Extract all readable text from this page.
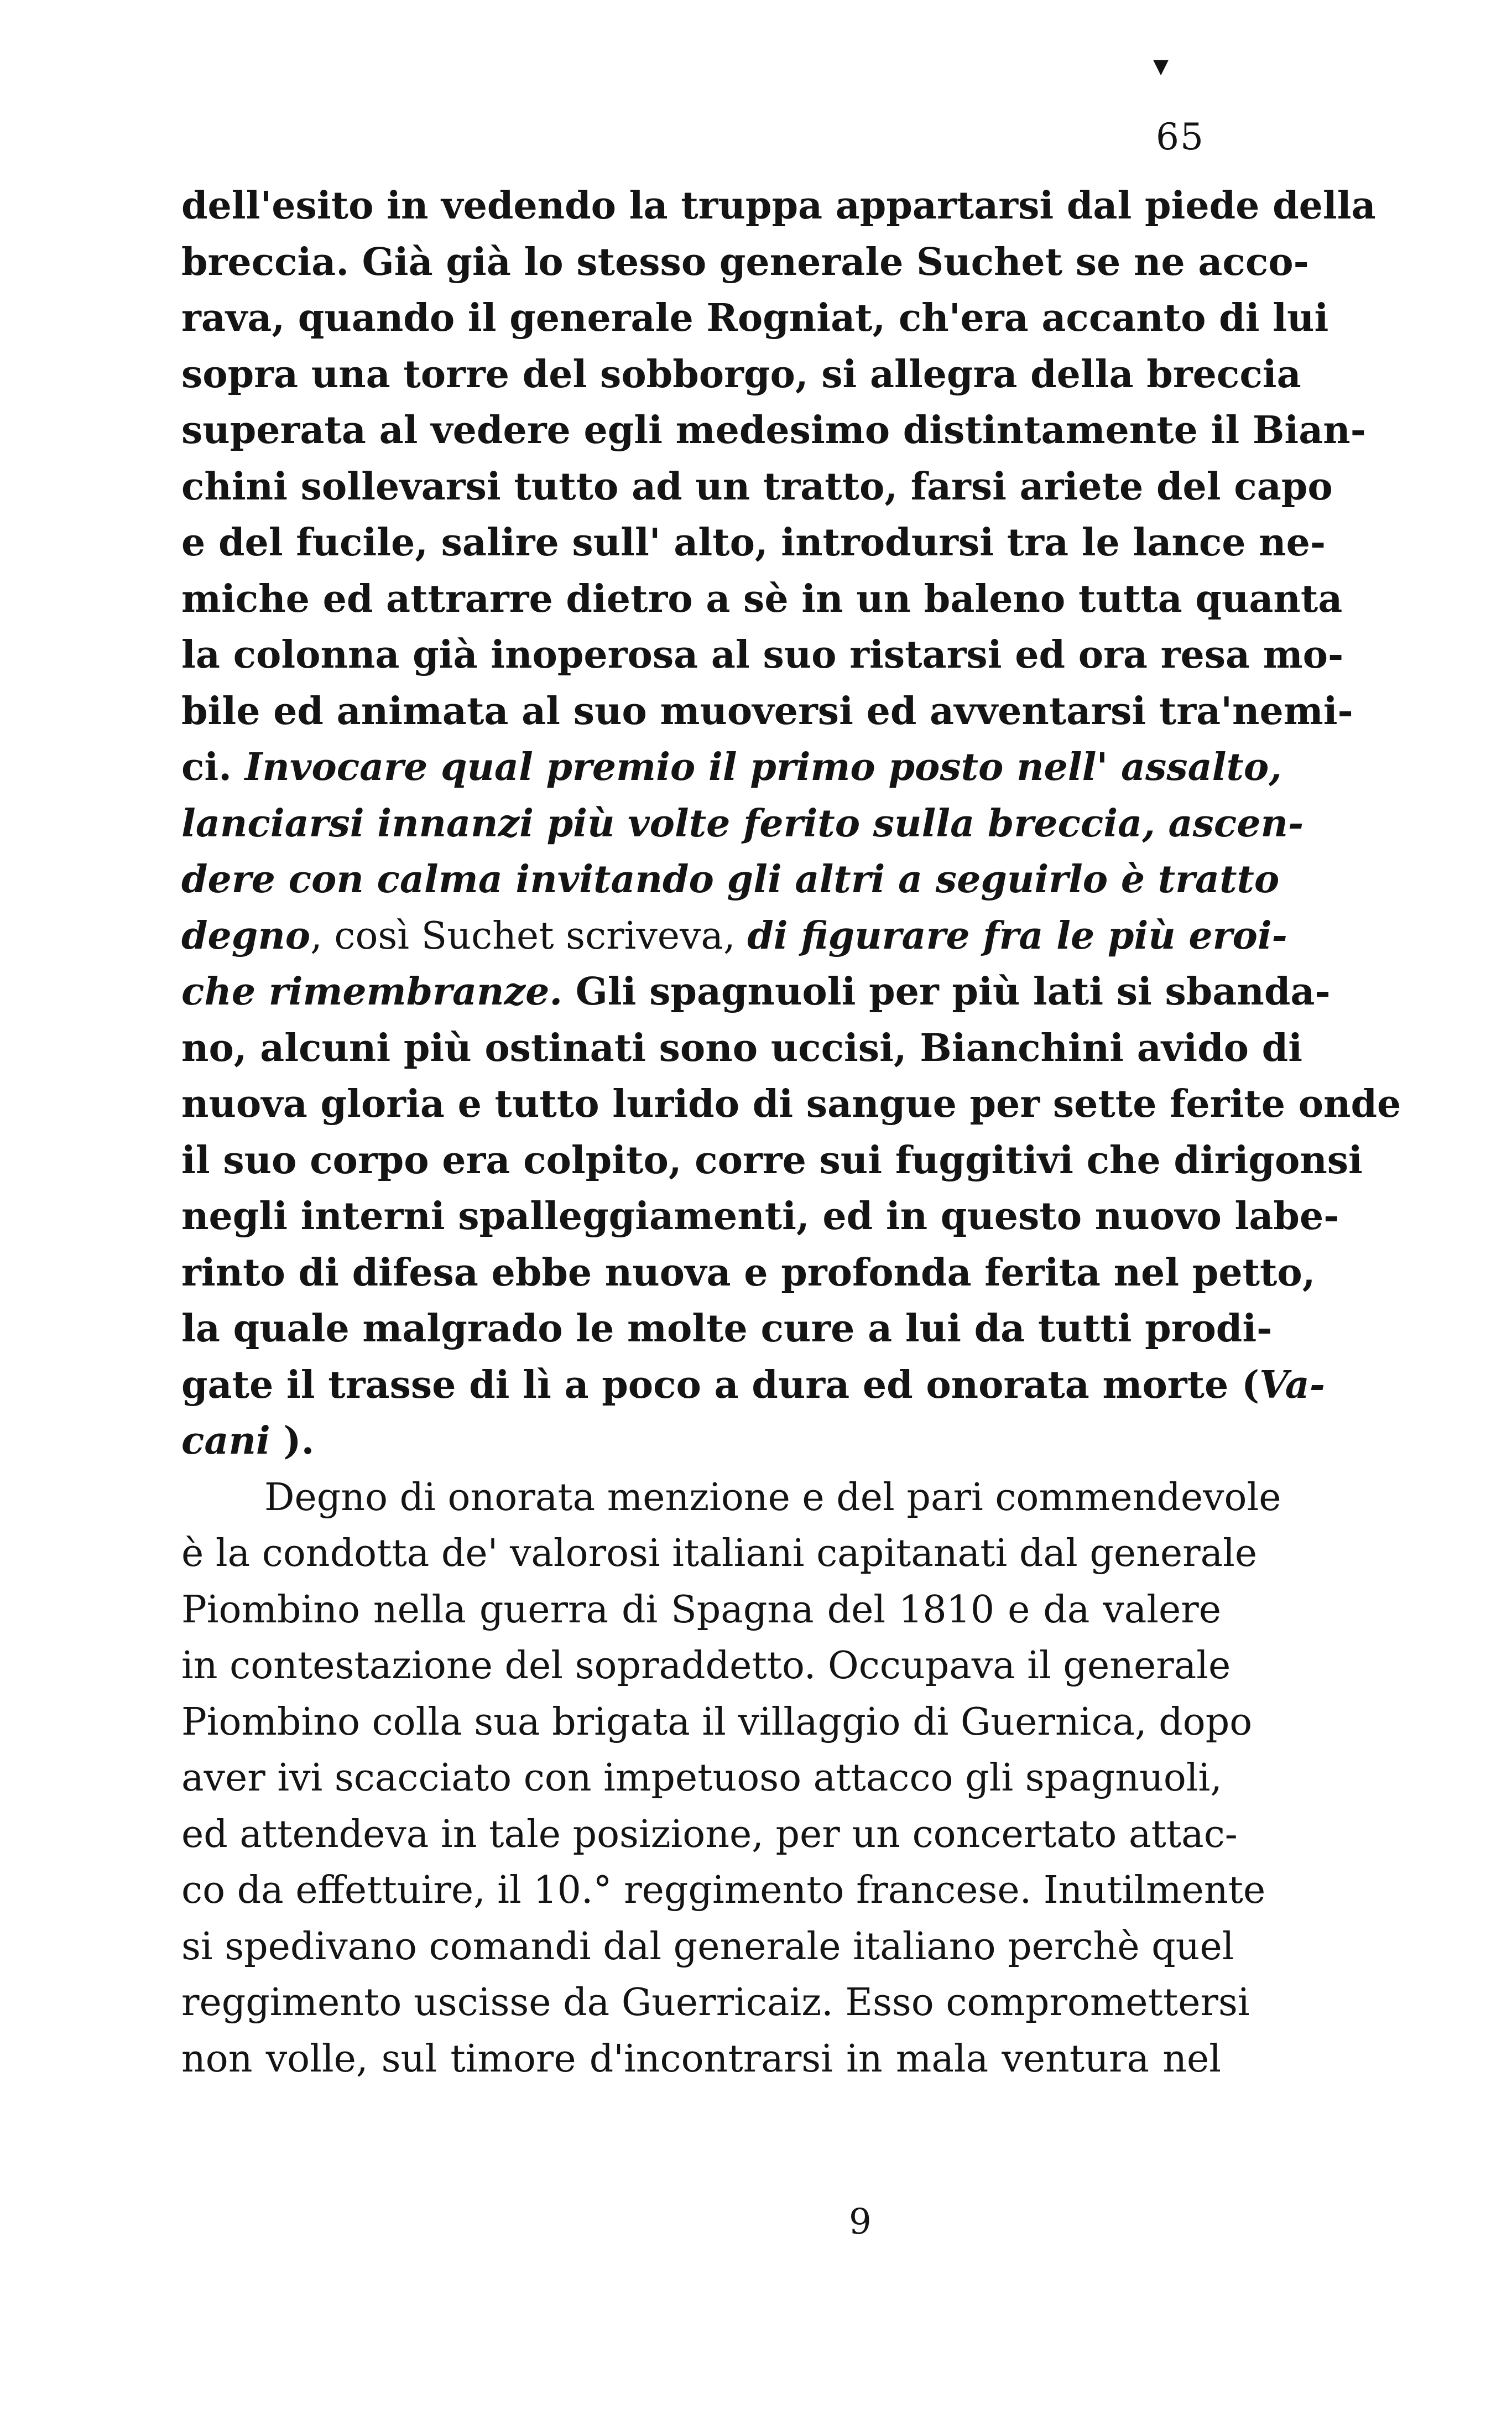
▾
65
dell'esito in vedendo la truppa appartarsi dal piede della
breccia. Già già lo stesso generale Suchet se ne acco-
rava, quando il generale Rogniat, ch'era accanto di lui
sopra una torre del sobborgo, si allegra della breccia
superata al vedere egli medesimo distintamente il Bian-
chini sollevarsi tutto ad un tratto, farsi ariete del capo
e del fucile, salire sull' alto, introdursi tra le lance ne-
miche ed attrarre dietro a sè in un baleno tutta quanta
la colonna già inoperosa al suo ristarsi ed ora resa mo-
bile ed animata al suo muoversi ed avventarsi tra'nemi-
ci. Invocare qual premio il primo posto nell' assalto,
lanciarsi innanzi più volte ferito sulla breccia, ascen-
dere con calma invitando gli altri a seguirlo è tratto
degno, così Suchet scriveva, di figurare fra le più eroi-
che rimembranze. Gli spagnuoli per più lati si sbanda-
no, alcuni più ostinati sono uccisi, Bianchini avido di
nuova gloria e tutto lurido di sangue per sette ferite onde
il suo corpo era colpito, corre sui fuggitivi che dirigonsi
negli interni spalleggiamenti, ed in questo nuovo labe-
rinto di difesa ebbe nuova e profonda ferita nel petto,
la quale malgrado le molte cure a lui da tutti prodi-
gate il trasse di lì a poco a dura ed onorata morte (Va-
cani ).
Degno di onorata menzione e del pari commendevole
è la condotta de' valorosi italiani capitanati dal generale
Piombino nella guerra di Spagna del 1810 e da valere
in contestazione del sopraddetto. Occupava il generale
Piombino colla sua brigata il villaggio di Guernica, dopo
aver ivi scacciato con impetuoso attacco gli spagnuoli,
ed attendeva in tale posizione, per un concertato attac-
co da effettuire, il 10.° reggimento francese. Inutilmente
si spedivano comandi dal generale italiano perchè quel
reggimento uscisse da Guerricaiz. Esso compromettersi
non volle, sul timore d'incontrarsi in mala ventura nel
9
